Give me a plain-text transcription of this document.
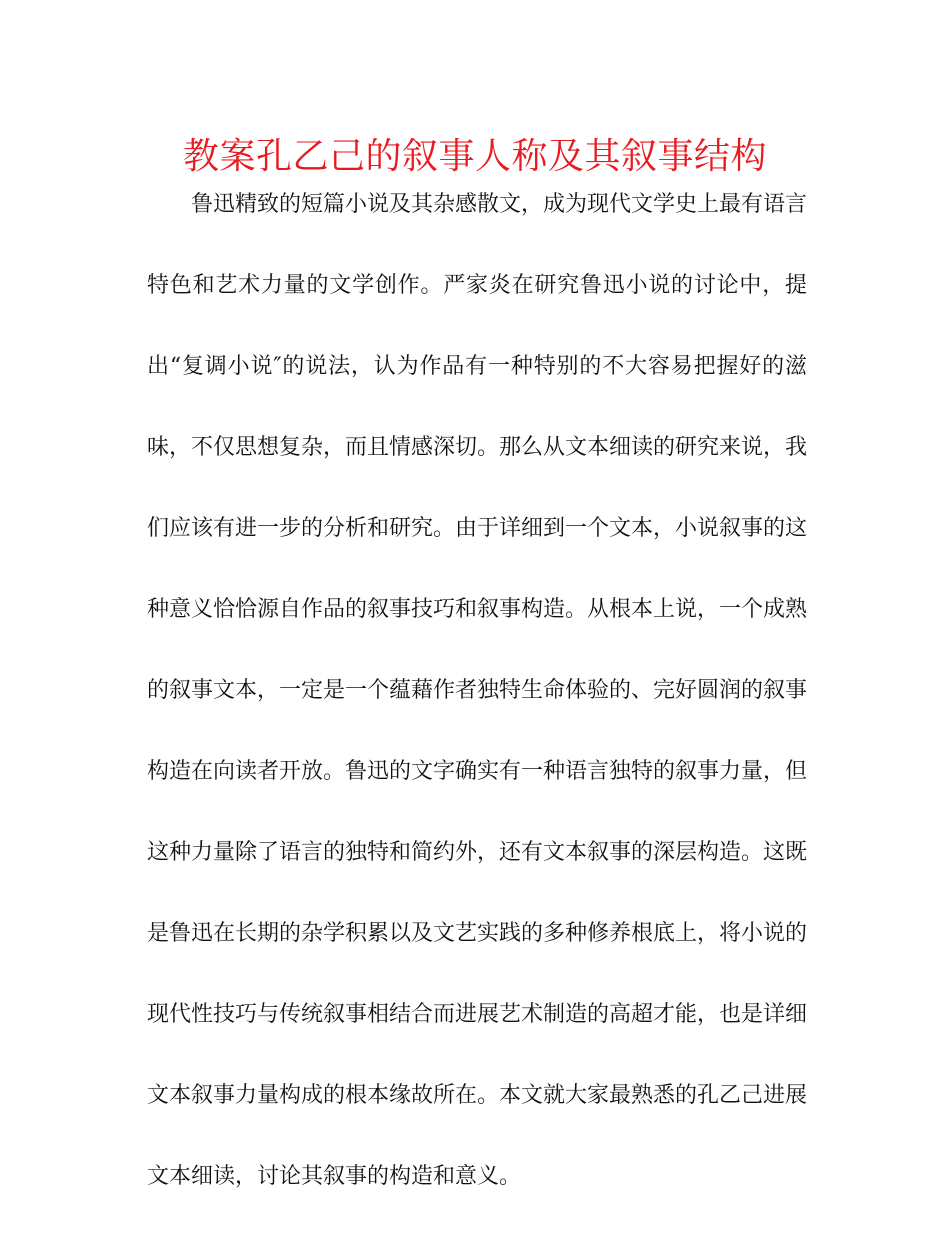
教案孔乙己的叙事人称及其叙事结构
鲁迅精致的短篇小说及其杂感散文，成为现代文学史上最有语言
特色和艺术力量的文学创作。严家炎在研究鲁迅小说的讨论中，提
出“复调小说″的说法，认为作品有一种特别的不大容易把握好的滋
味，不仅思想复杂，而且情感深切。那么从文本细读的研究来说，我
们应该有进一步的分析和研究。由于详细到一个文本，小说叙事的这
种意义恰恰源自作品的叙事技巧和叙事构造。从根本上说，一个成熟
的叙事文本，一定是一个蕴藉作者独特生命体验的、完好圆润的叙事
构造在向读者开放。鲁迅的文字确实有一种语言独特的叙事力量，但
这种力量除了语言的独特和简约外，还有文本叙事的深层构造。这既
是鲁迅在长期的杂学积累以及文艺实践的多种修养根底上，将小说的
现代性技巧与传统叙事相结合而进展艺术制造的高超才能，也是详细
文本叙事力量构成的根本缘故所在。本文就大家最熟悉的孔乙己进展
文本细读，讨论其叙事的构造和意义。
